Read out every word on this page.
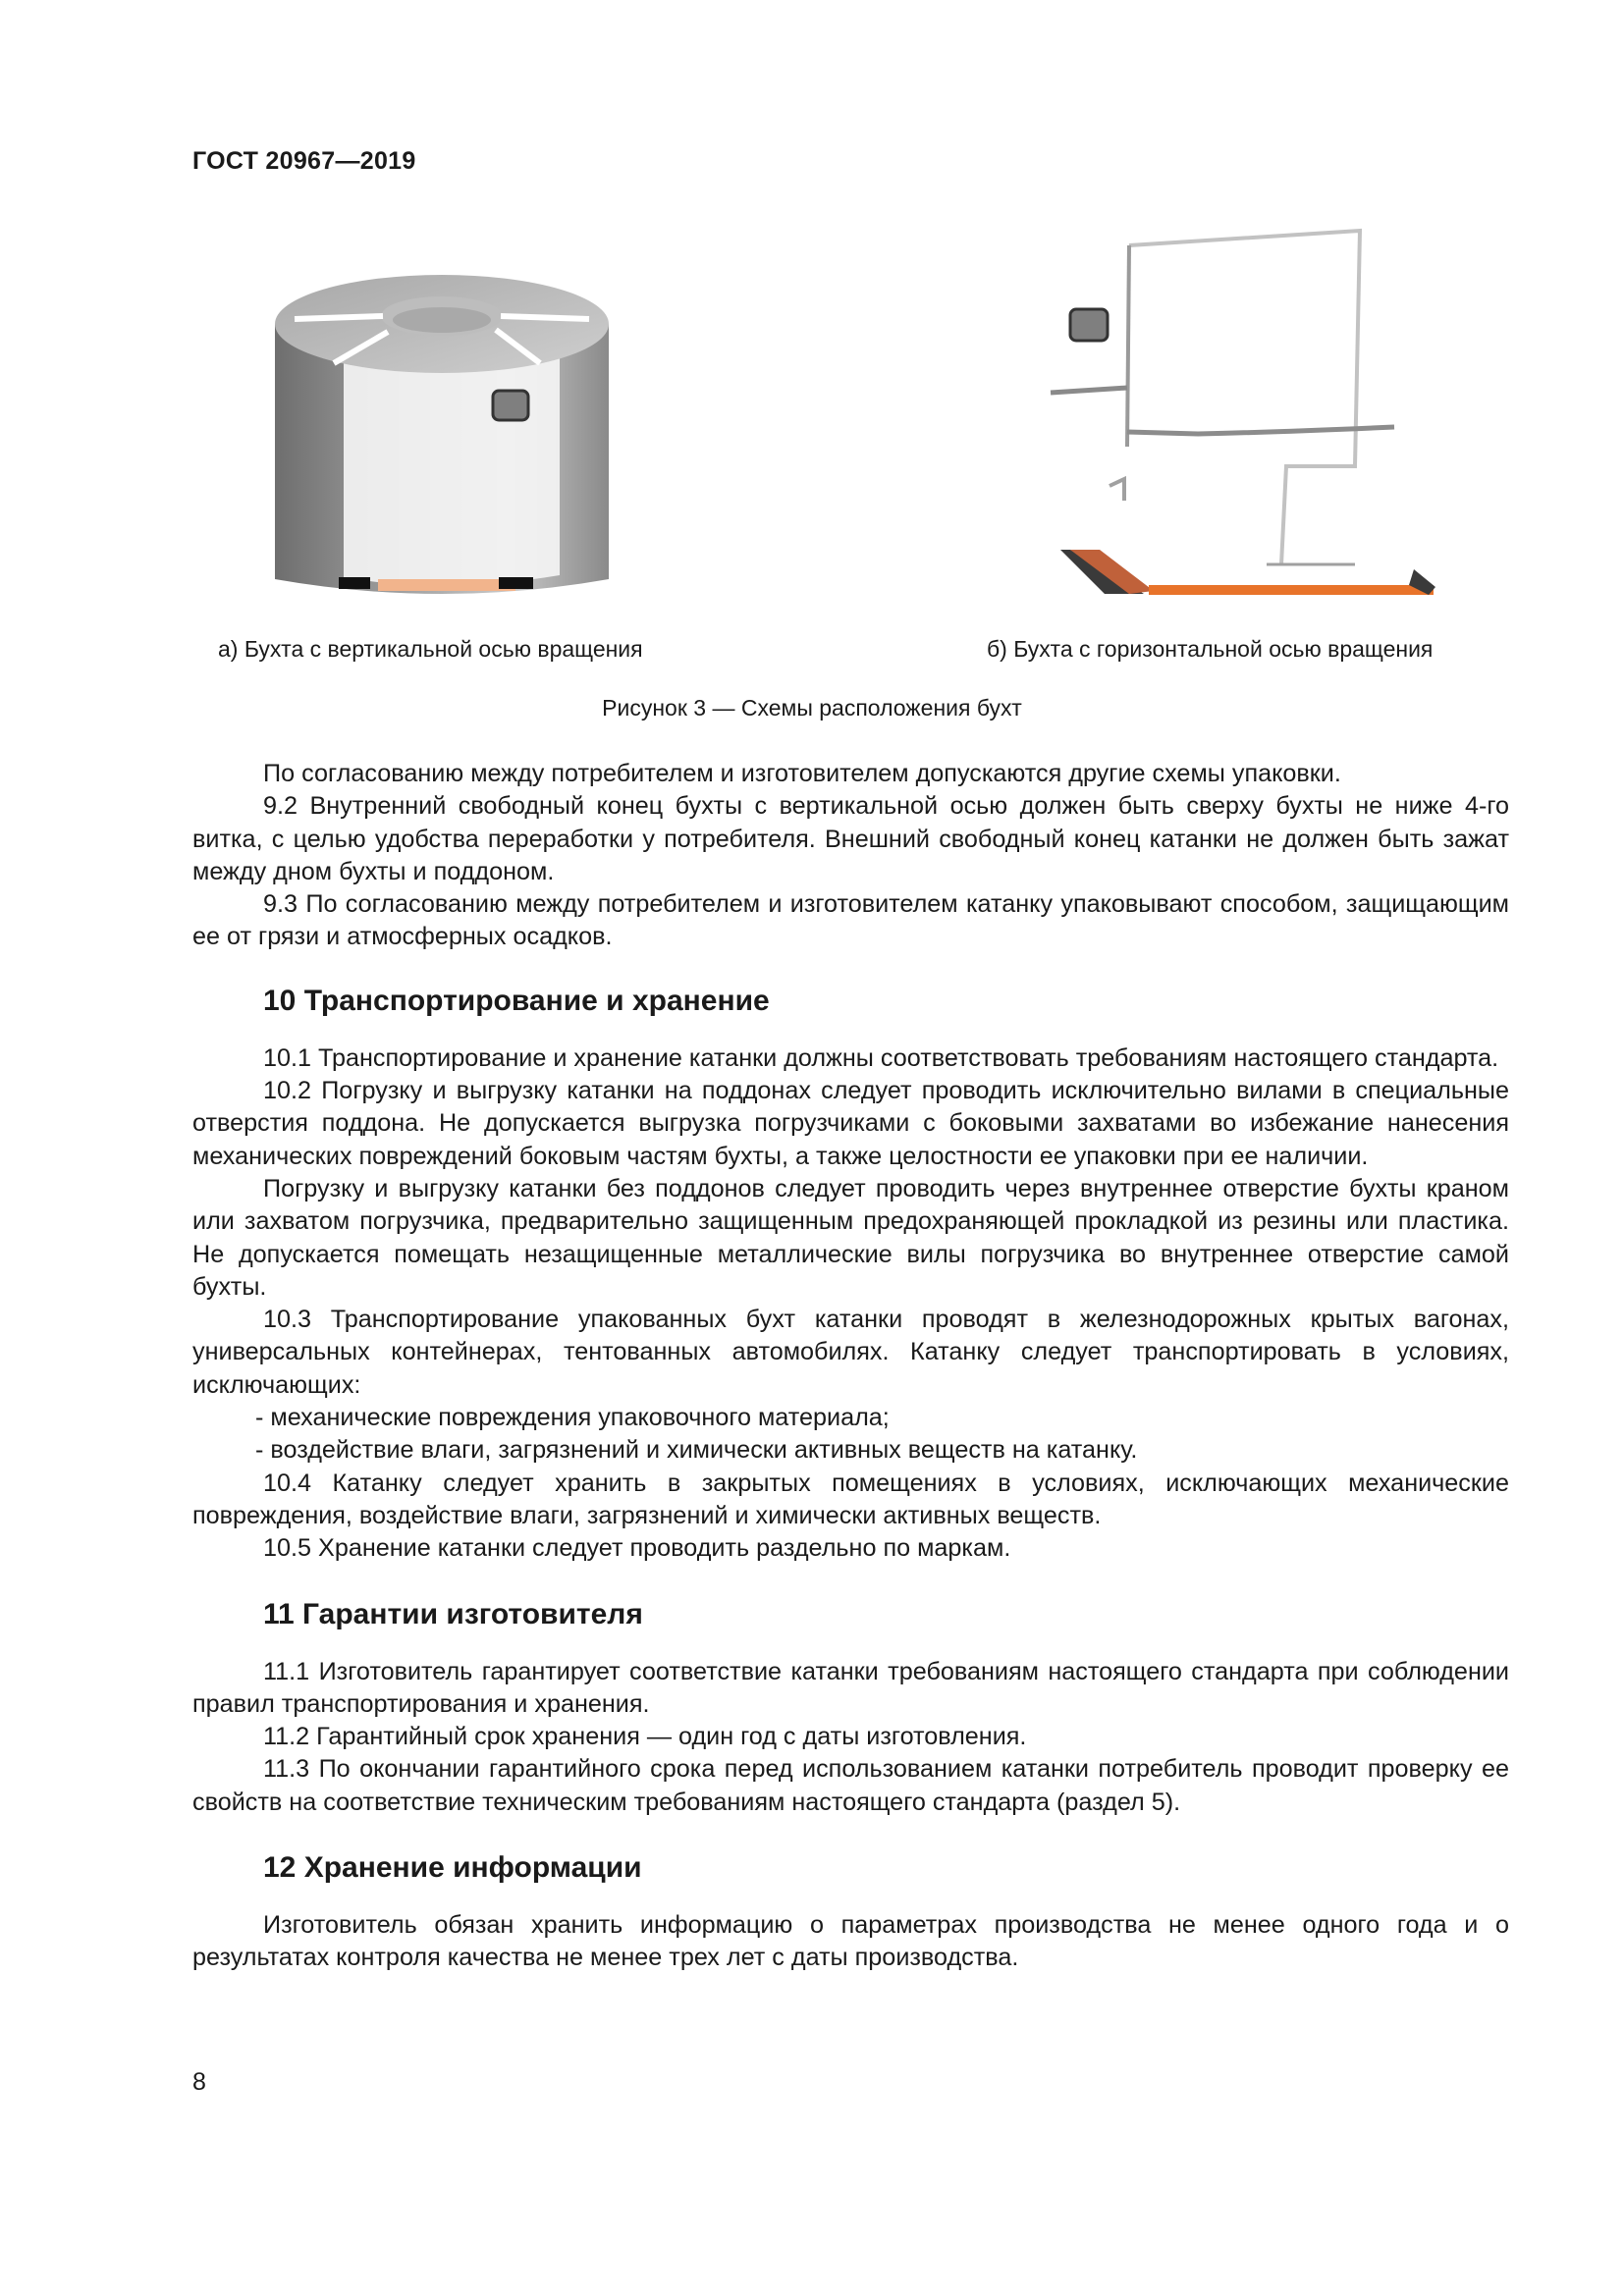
ГОСТ 20967—2019
а) Бухта с вертикальной осью вращения	б) Бухта с горизонтальной осью вращения
Рисунок 3 — Схемы расположения бухт

По согласованию между потребителем и изготовителем допускаются другие схемы упаковки.

9.2 Внутренний свободный конец бухты с вертикальной осью должен быть сверху бухты не ниже 4-го витка, с целью удобства переработки у потребителя. Внешний свободный конец катанки не должен быть зажат между дном бухты и поддоном.

9.3 По согласованию между потребителем и изготовителем катанку упаковывают способом, защищающим ее от грязи и атмосферных осадков.

10 Транспортирование и хранение

10.1 Транспортирование и хранение катанки должны соответствовать требованиям настоящего стандарта.

10.2 Погрузку и выгрузку катанки на поддонах следует проводить исключительно вилами в специальные отверстия поддона. Не допускается выгрузка погрузчиками с боковыми захватами во избежание нанесения механических повреждений боковым частям бухты, а также целостности ее упаковки при ее наличии.

Погрузку и выгрузку катанки без поддонов следует проводить через внутреннее отверстие бухты краном или захватом погрузчика, предварительно защищенным предохраняющей прокладкой из резины или пластика. Не допускается помещать незащищенные металлические вилы погрузчика во внутреннее отверстие самой бухты.

10.3 Транспортирование упакованных бухт катанки проводят в железнодорожных крытых вагонах, универсальных контейнерах, тентованных автомобилях. Катанку следует транспортировать в условиях, исключающих:

- механические повреждения упаковочного материала;

- воздействие влаги, загрязнений и химически активных веществ на катанку.

10.4 Катанку следует хранить в закрытых помещениях в условиях, исключающих механические повреждения, воздействие влаги, загрязнений и химически активных веществ.

10.5 Хранение катанки следует проводить раздельно по маркам.

11 Гарантии изготовителя

11.1 Изготовитель гарантирует соответствие катанки требованиям настоящего стандарта при соблюдении правил транспортирования и хранения.

11.2 Гарантийный срок хранения — один год с даты изготовления.

11.3 По окончании гарантийного срока перед использованием катанки потребитель проводит проверку ее свойств на соответствие техническим требованиям настоящего стандарта (раздел 5).

12 Хранение информации

Изготовитель обязан хранить информацию о параметрах производства не менее одного года и о результатах контроля качества не менее трех лет с даты производства.

8
